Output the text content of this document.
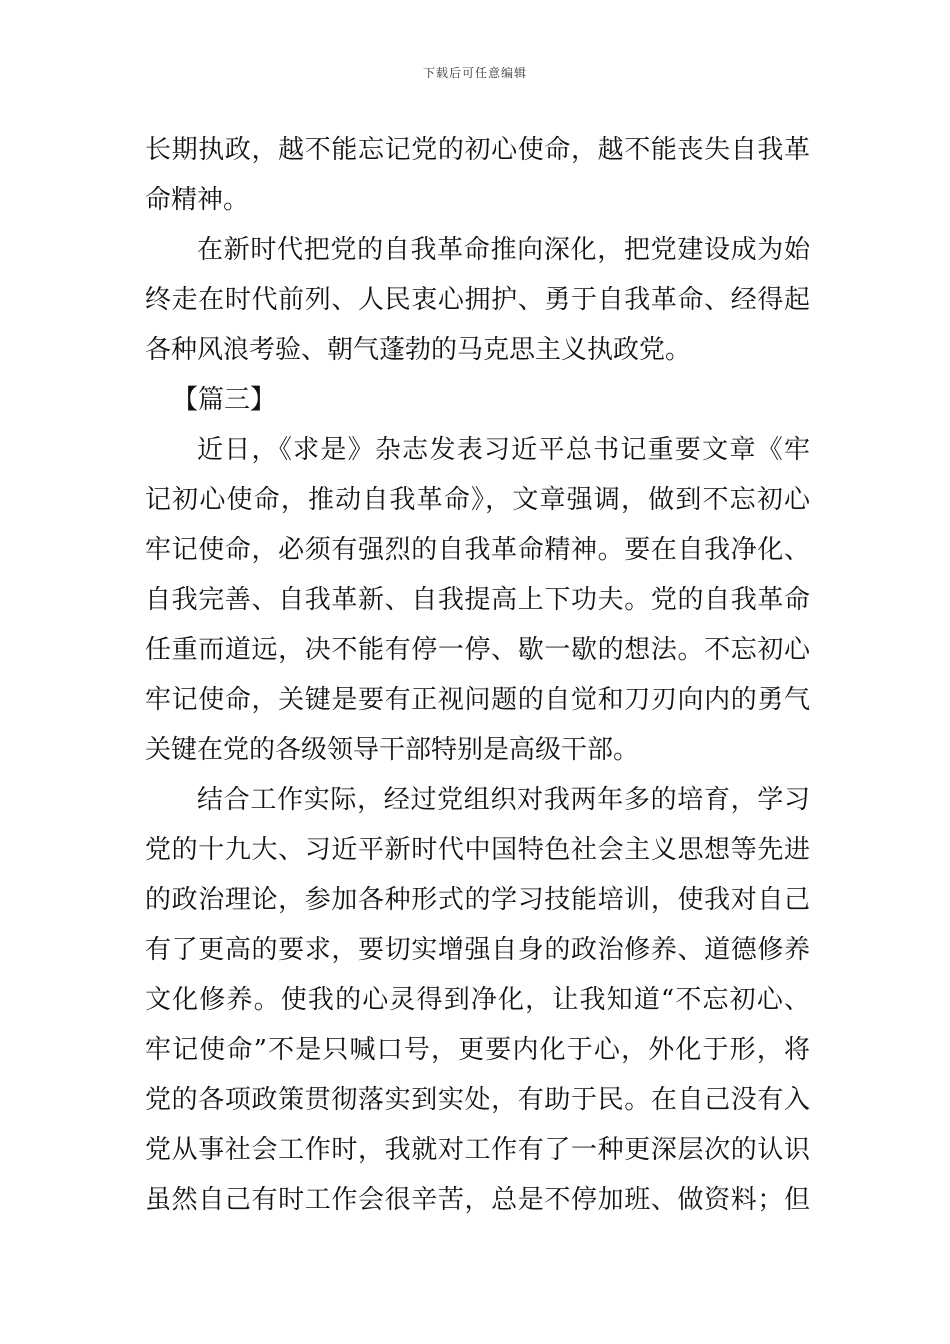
下载后可任意编辑
长期执政，越不能忘记党的初心使命，越不能丧失自我革
命精神。
在新时代把党的自我革命推向深化，把党建设成为始
终走在时代前列、人民衷心拥护、勇于自我革命、经得起
各种风浪考验、朝气蓬勃的马克思主义执政党。
【篇三】
近日，《求是》杂志发表习近平总书记重要文章《牢
记初心使命，推动自我革命》，文章强调，做到不忘初心
牢记使命，必须有强烈的自我革命精神。要在自我净化、
自我完善、自我革新、自我提高上下功夫。党的自我革命
任重而道远，决不能有停一停、歇一歇的想法。不忘初心
牢记使命，关键是要有正视问题的自觉和刀刃向内的勇气
关键在党的各级领导干部特别是高级干部。
结合工作实际，经过党组织对我两年多的培育，学习
党的十九大、习近平新时代中国特色社会主义思想等先进
的政治理论，参加各种形式的学习技能培训，使我对自己
有了更高的要求，要切实增强自身的政治修养、道德修养
文化修养。使我的心灵得到净化，让我知道“不忘初心、
牢记使命”不是只喊口号，更要内化于心，外化于形，将
党的各项政策贯彻落实到实处，有助于民。在自己没有入
党从事社会工作时，我就对工作有了一种更深层次的认识
虽然自己有时工作会很辛苦，总是不停加班、做资料；但
